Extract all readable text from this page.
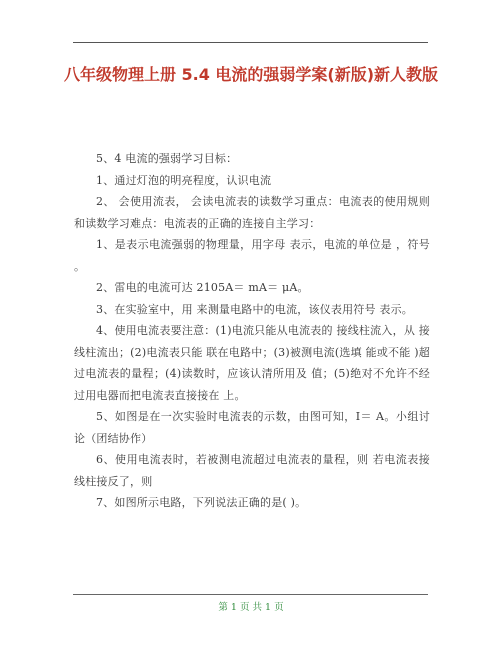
八年级物理上册 5.4 电流的强弱学案(新版)新人教版

5、4 电流的强弱学习目标：

1、通过灯泡的明亮程度，认识电流

2、 会使用流表， 会读电流表的读数学习重点：电流表的使用规则和读数学习难点：电流表的正确的连接自主学习：

1、是表示电流强弱的物理量，用字母 表示，电流的单位是 ，符号 。

2、雷电的电流可达 2105A＝ mA＝ μA。

3、在实验室中，用 来测量电路中的电流，该仪表用符号 表示。

4、使用电流表要注意：(1)电流只能从电流表的 接线柱流入，从 接线柱流出；(2)电流表只能 联在电路中；(3)被测电流(选填 能或不能 )超过电流表的量程；(4)读数时，应该认清所用及 值；(5)绝对不允许不经过用电器而把电流表直接接在 上。

5、如图是在一次实验时电流表的示数，由图可知，I＝ A。小组讨论（团结协作）

6、使用电流表时，若被测电流超过电流表的量程，则 若电流表接线柱接反了，则

7、如图所示电路，下列说法正确的是( )。

第 1 页 共 1 页
